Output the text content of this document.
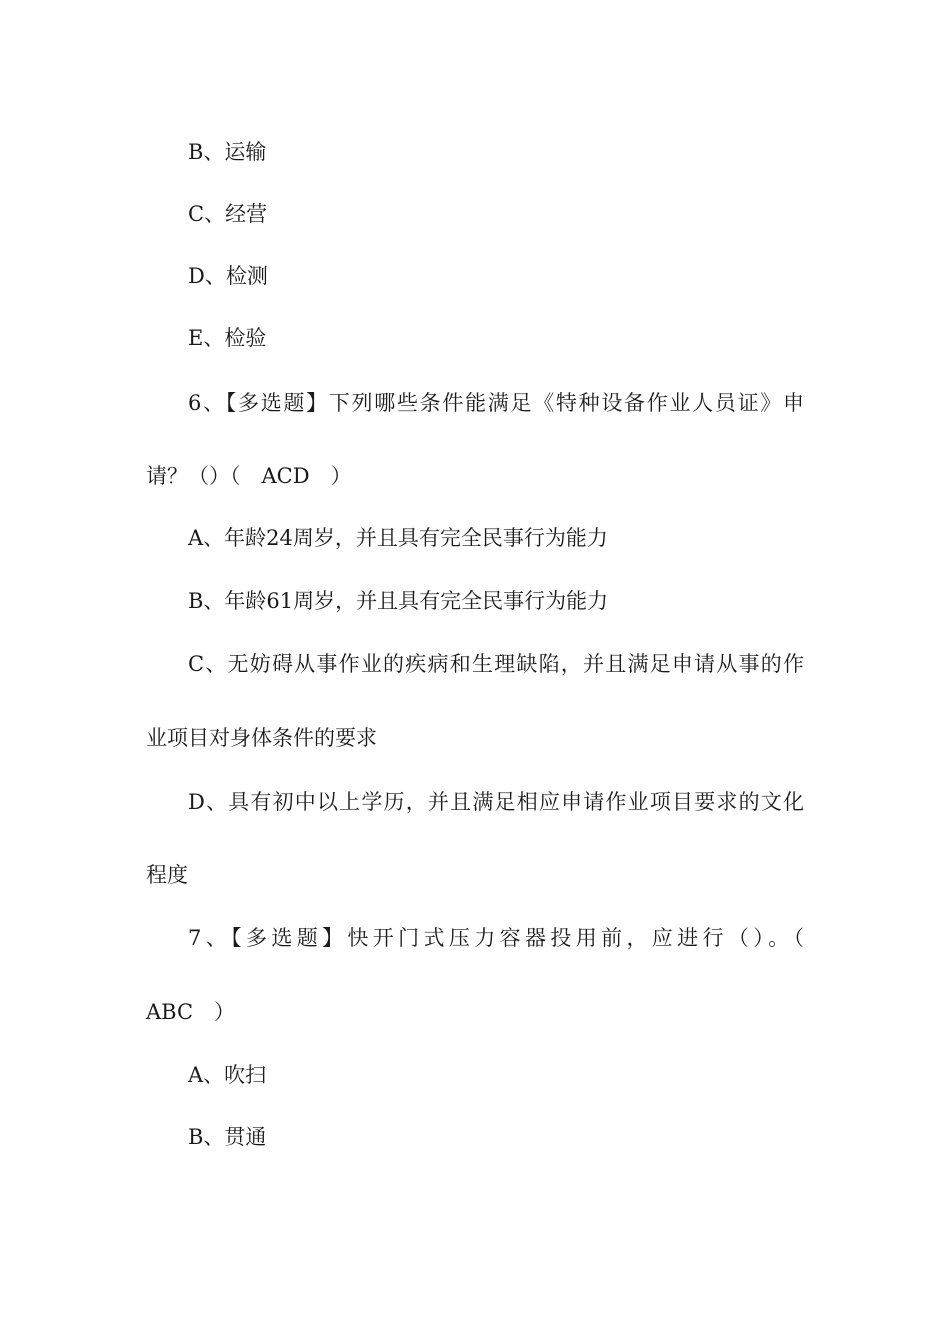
B、运输
C、经营
D、检测
E、检验
6、【多选题】下列哪些条件能满足《特种设备作业人员证》申
请？（）（　ACD　）
A、年龄24周岁，并且具有完全民事行为能力
B、年龄61周岁，并且具有完全民事行为能力
C、无妨碍从事作业的疾病和生理缺陷，并且满足申请从事的作
业项目对身体条件的要求
D、具有初中以上学历，并且满足相应申请作业项目要求的文化
程度
7、【多选题】快开门式压力容器投用前，应进行（）。（
ABC　）
A、吹扫
B、贯通
